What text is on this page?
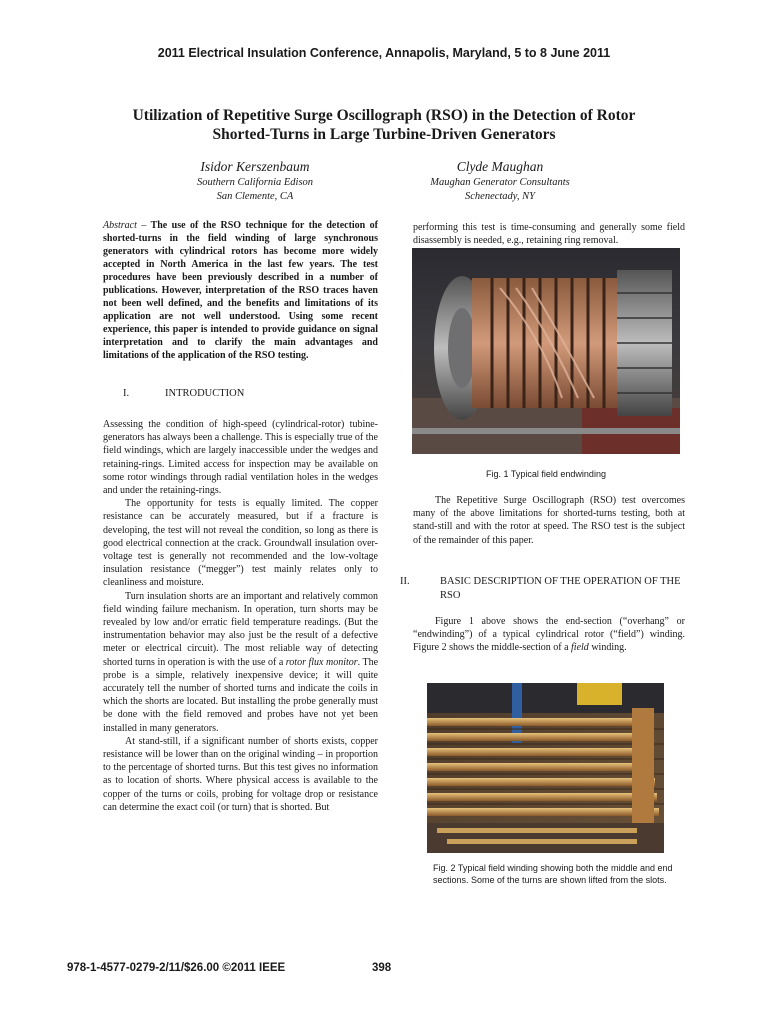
2011 Electrical Insulation Conference, Annapolis, Maryland, 5 to 8 June 2011
Utilization of Repetitive Surge Oscillograph (RSO) in the Detection of Rotor
Shorted-Turns in Large Turbine-Driven Generators
Isidor Kerszenbaum
Southern California Edison
San Clemente, CA
Clyde Maughan
Maughan Generator Consultants
Schenectady, NY
Abstract – The use of the RSO technique for the detection of shorted-turns in the field winding of large synchronous generators with cylindrical rotors has become more widely accepted in North America in the last few years. The test procedures have been previously described in a number of publications. However, interpretation of the RSO traces haven not been well defined, and the benefits and limitations of its application are not well understood. Using some recent experience, this paper is intended to provide guidance on signal interpretation and to clarify the main advantages and limitations of the application of the RSO testing.
I.	INTRODUCTION

Assessing the condition of high-speed (cylindrical-rotor) tubine-generators has always been a challenge. This is especially true of the field windings, which are largely inaccessible under the wedges and retaining-rings. Limited access for inspection may be available on some rotor windings through radial ventilation holes in the wedges and under the retaining-rings.

The opportunity for tests is equally limited. The copper resistance can be accurately measured, but if a fracture is developing, the test will not reveal the condition, so long as there is good electrical connection at the crack. Groundwall insulation over-voltage test is generally not recommended and the low-voltage insulation resistance (“megger”) test mainly relates only to cleanliness and moisture.

Turn insulation shorts are an important and relatively common field winding failure mechanism. In operation, turn shorts may be revealed by low and/or erratic field temperature readings. (But the instrumentation behavior may also just be the result of a defective meter or electrical circuit). The most reliable way of detecting shorted turns in operation is with the use of a rotor flux monitor. The probe is a simple, relatively inexpensive device; it will quite accurately tell the number of shorted turns and indicate the coils in which the shorts are located. But installing the probe generally must be done with the field removed and probes have not yet been installed in many generators.

At stand-still, if a significant number of shorts exists, copper resistance will be lower than on the original winding – in proportion to the percentage of shorted turns. But this test gives no information as to location of shorts. Where physical access is available to the copper of the turns or coils, probing for voltage drop or resistance can determine the exact coil (or turn) that is shorted. But

performing this test is time-consuming and generally some field disassembly is needed, e.g., retaining ring removal.
Fig. 1 Typical field endwinding
The Repetitive Surge Oscillograph (RSO) test overcomes many of the above limitations for shorted-turns testing, both at stand-still and with the rotor at speed. The RSO test is the subject of the remainder of this paper.
II.	BASIC DESCRIPTION OF THE OPERATION OF THE RSO
Figure 1 above shows the end-section (“overhang” or “endwinding”) of a typical cylindrical rotor (“field”) winding. Figure 2 shows the middle-section of a field winding.
Fig. 2 Typical field winding showing both the middle and end sections. Some of the turns are shown lifted from the slots.
978-1-4577-0279-2/11/$26.00 ©2011 IEEE	398
